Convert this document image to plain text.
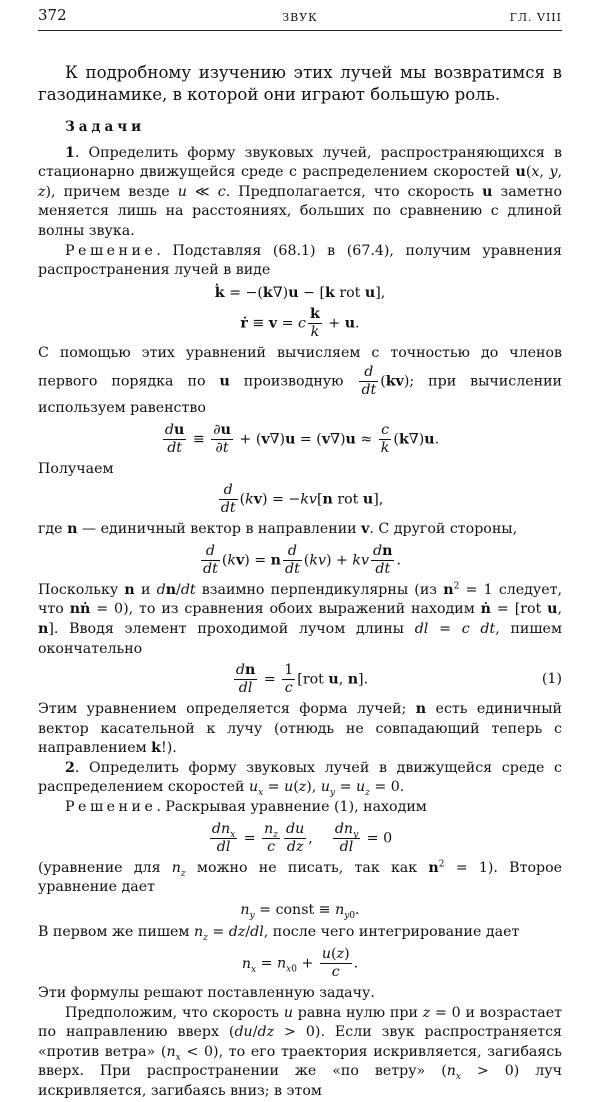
372	ЗВУК	ГЛ. VIII

К подробному изучению этих лучей мы возвратимся в газодинамике, в которой они играют большую роль.

Задачи

1. Определить форму звуковых лучей, распространяющихся в стационарно движущейся среде с распределением скоростей u(x, y, z), причем везде u ≪ c. Предполагается, что скорость u заметно меняется лишь на расстояниях, больших по сравнению с длиной волны звука.

Решение. Подставляя (68.1) в (67.4), получим уравнения распространения лучей в виде

k̇ = −(k∇)u − [k rot u],
ṙ ≡ v = c $\frac{k}{k} + u$.

С помощью этих уравнений вычисляем с точностью до членов первого порядка по u производную $\frac{d}{dt} (kv)$; при вычислении используем равенство

$\frac{du}{dt} \equiv \frac{\partial u}{\partial t} + (v\nabla)u = (v\nabla)u \approx \frac{c}{k} (k\nabla)u$.

Получаем

$\frac{d}{dt} (kv) = -kv[n$ rot u],

где n — единичный вектор в направлении v. С другой стороны,

$\frac{d}{dt} (kv) = n \frac{d}{dt} (kv)$ + kv $\frac{dn}{dt}$ .

Поскольку n и dn/dt взаимно перпендикулярны (из $n^2 = 1$ следует, что nṅ = 0), то из сравнения обоих выражений находим ṅ = [rot u, n]. Вводя элемент проходимой лучом длины dl = c dt, пишем окончательно

$\frac{dn}{dl} = \frac{1}{c} [rot$ u, n].	(1)

Этим уравнением определяется форма лучей; n есть единичный вектор касательной к лучу (отнюдь не совпадающий теперь с направлением k!).

2. Определить форму звуковых лучей в движущейся среде с распределением скоростей $u_x = u(z)$, $u_y = u_z = 0$.

Решение. Раскрывая уравнение (1), находим

$\frac{dn_x}{dl} = \frac{n_z}{c} \frac{du}{dz}$ , $\frac{dn_y}{dl} = 0$

(уравнение для $n_z$ можно не писать, так как $n^2 = 1$). Второе уравнение дает

$n_y$ = const ≡ $n_{y0}$.

В первом же пишем $n_z = dz/dl$, после чего интегрирование дает

$n_x = n_{x0} + \frac{u(z)}{c}$ .

Эти формулы решают поставленную задачу.

Предположим, что скорость u равна нулю при z = 0 и возрастает по направлению вверх (du/dz > 0). Если звук распространяется «против ветра» $(n_x < 0)$, то его траектория искривляется, загибаясь вверх. При распространении же «по ветру» $(n_x > 0)$ луч искривляется, загибаясь вниз; в этом
